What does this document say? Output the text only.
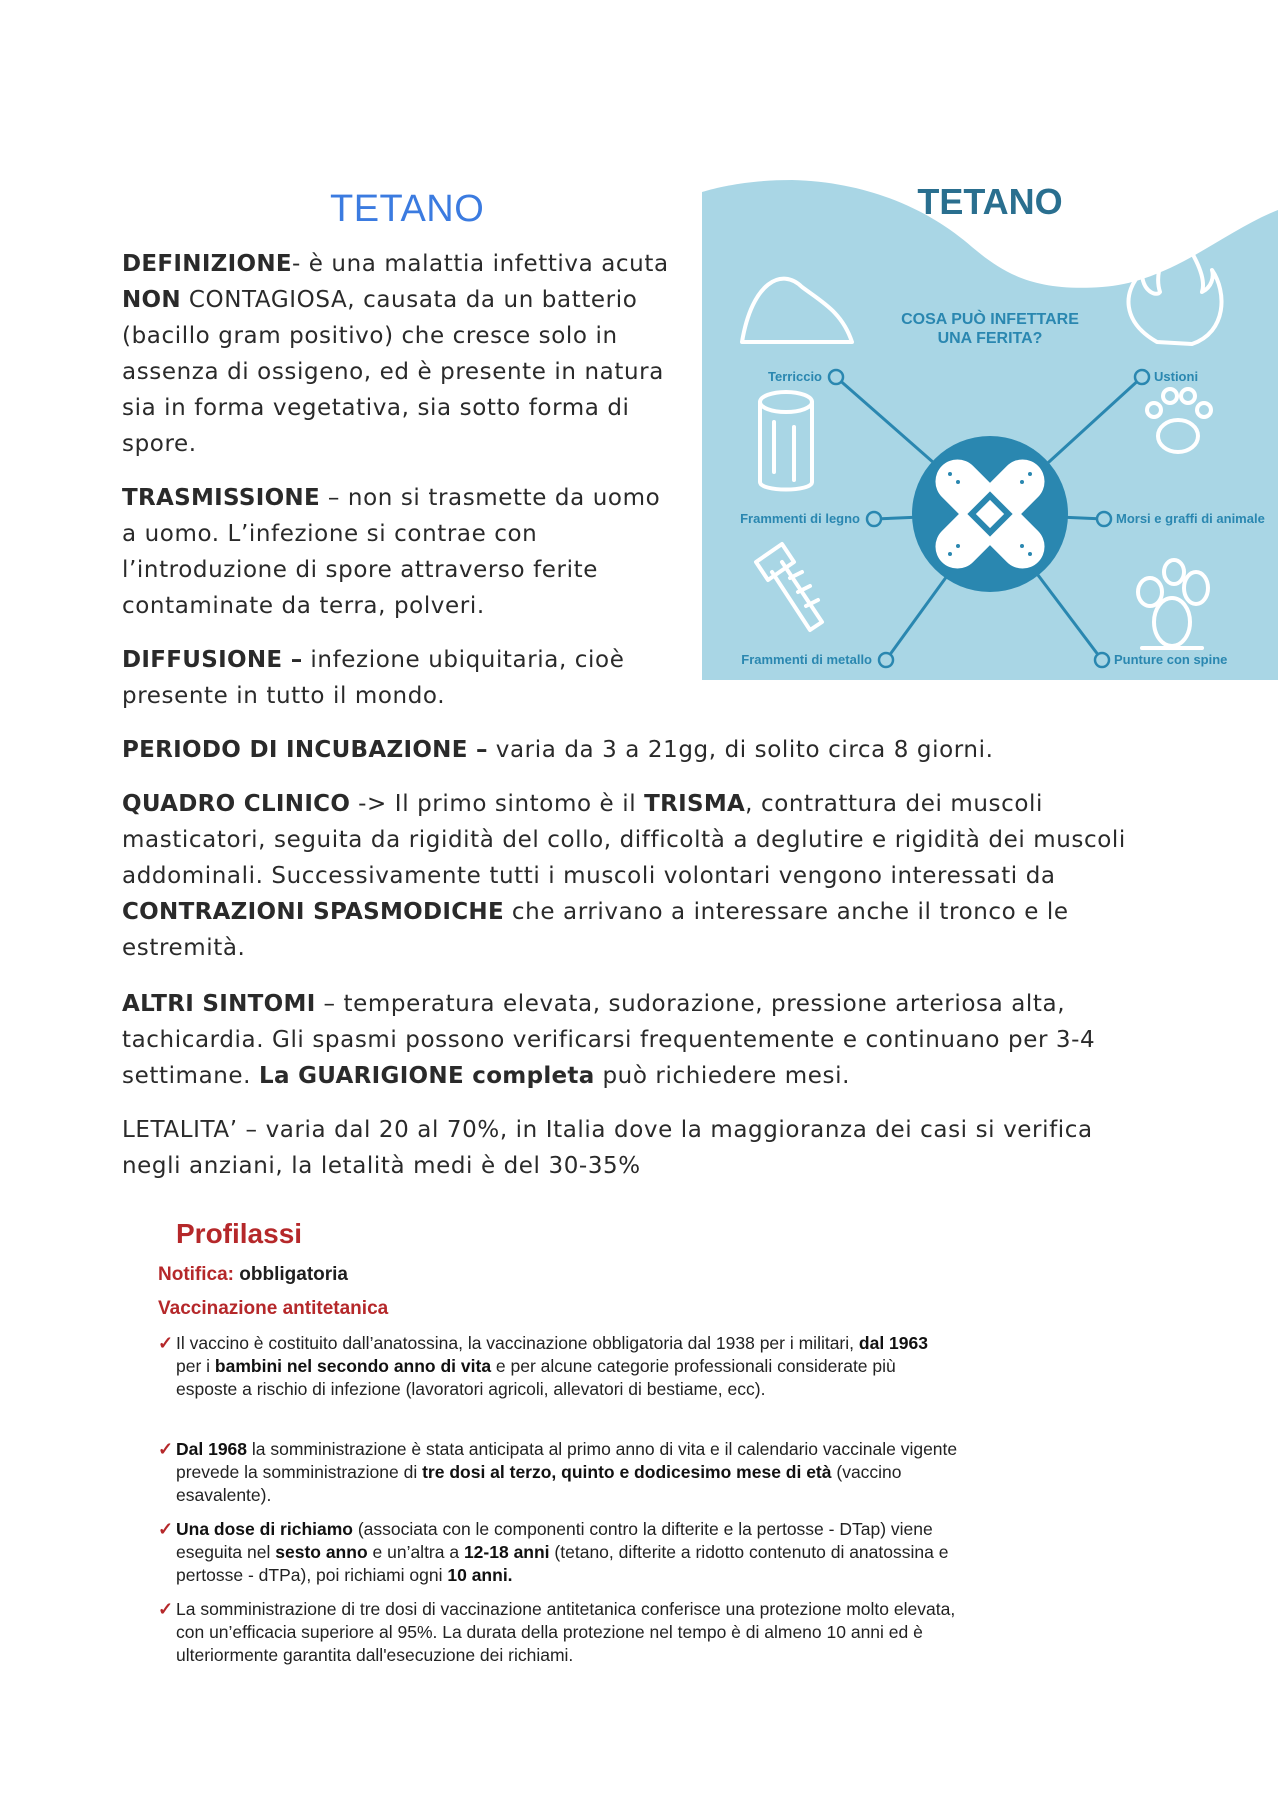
TETANO

DEFINIZIONE- è una malattia infettiva acuta NON CONTAGIOSA, causata da un batterio (bacillo gram positivo) che cresce solo in assenza di ossigeno, ed è presente in natura sia in forma vegetativa, sia sotto forma di spore.

TRASMISSIONE – non si trasmette da uomo a uomo. L’infezione si contrae con l’introduzione di spore attraverso ferite contaminate da terra, polveri.

DIFFUSIONE – infezione ubiquitaria, cioè presente in tutto il mondo.

PERIODO DI INCUBAZIONE – varia da 3 a 21gg, di solito circa 8 giorni.

QUADRO CLINICO -> Il primo sintomo è il TRISMA, contrattura dei muscoli masticatori, seguita da rigidità del collo, difficoltà a deglutire e rigidità dei muscoli addominali. Successivamente tutti i muscoli volontari vengono interessati da CONTRAZIONI SPASMODICHE che arrivano a interessare anche il tronco e le estremità.

ALTRI SINTOMI – temperatura elevata, sudorazione, pressione arteriosa alta, tachicardia. Gli spasmi possono verificarsi frequentemente e continuano per 3-4 settimane. La GUARIGIONE completa può richiedere mesi.

LETALITA’ – varia dal 20 al 70%, in Italia dove la maggioranza dei casi si verifica negli anziani, la letalità medi è del 30-35%

TETANO
COSA PUÒ INFETTARE
UNA FERITA?
Terriccio	Ustioni
Frammenti di legno	Morsi e graffi di animale
Frammenti di metallo	Punture con spine
Profilassi
Notifica: obbligatoria
Vaccinazione antitetanica
✓ Il vaccino è costituito dall’anatossina, la vaccinazione obbligatoria dal 1938 per i militari, dal 1963 per i bambini nel secondo anno di vita e per alcune categorie professionali considerate più esposte a rischio di infezione (lavoratori agricoli, allevatori di bestiame, ecc).
✓ Dal 1968 la somministrazione è stata anticipata al primo anno di vita e il calendario vaccinale vigente prevede la somministrazione di tre dosi al terzo, quinto e dodicesimo mese di età (vaccino esavalente).
✓ Una dose di richiamo (associata con le componenti contro la difterite e la pertosse - DTap) viene eseguita nel sesto anno e un’altra a 12-18 anni (tetano, difterite a ridotto contenuto di anatossina e pertosse - dTPa), poi richiami ogni 10 anni.
✓ La somministrazione di tre dosi di vaccinazione antitetanica conferisce una protezione molto elevata, con un’efficacia superiore al 95%. La durata della protezione nel tempo è di almeno 10 anni ed è ulteriormente garantita dall'esecuzione dei richiami.
